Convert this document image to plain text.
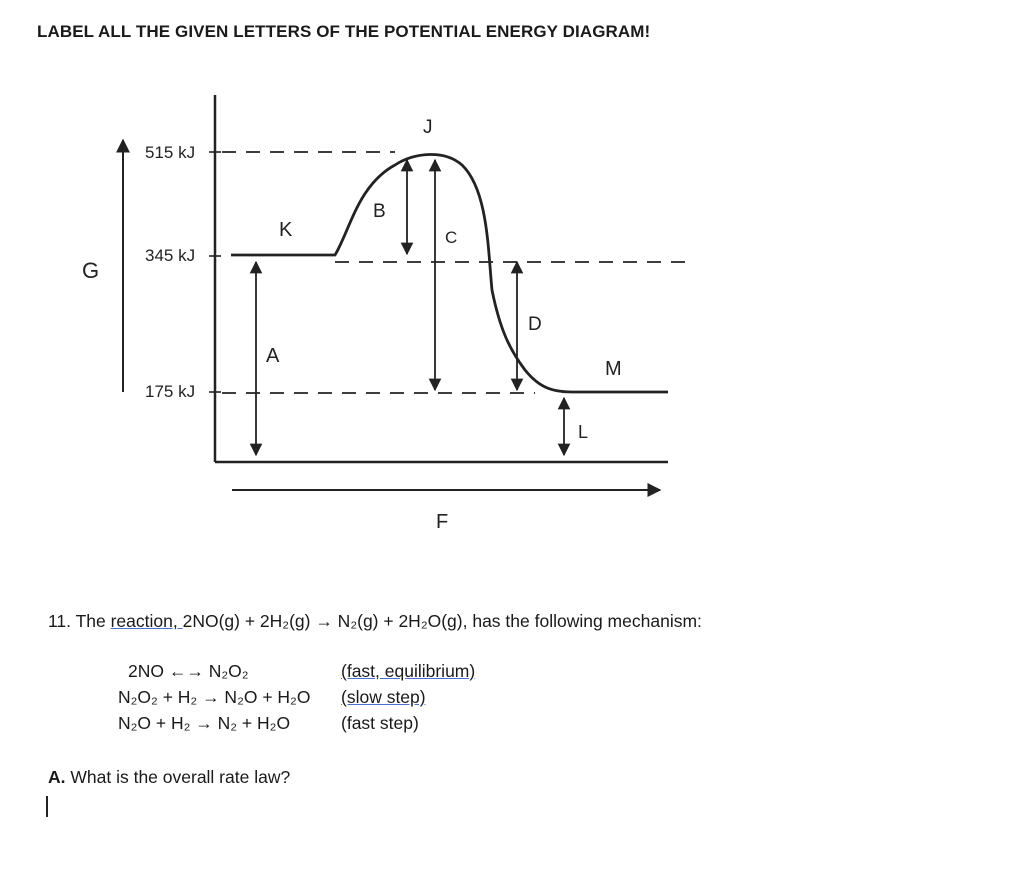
LABEL ALL THE GIVEN LETTERS OF THE POTENTIAL ENERGY DIAGRAM!
515 kJ
345 kJ
175 kJ
G
J
K
B
C
D
A
M
L
F
11. The reaction, 2NO(g) + 2H₂(g) → N₂(g) + 2H₂O(g), has the following mechanism:
2NO ←→ N₂O₂	(fast, equilibrium)
N₂O₂ + H₂ → N₂O + H₂O (slow step)
N₂O + H₂ → N₂ + H₂O	(fast step)
A. What is the overall rate law?
